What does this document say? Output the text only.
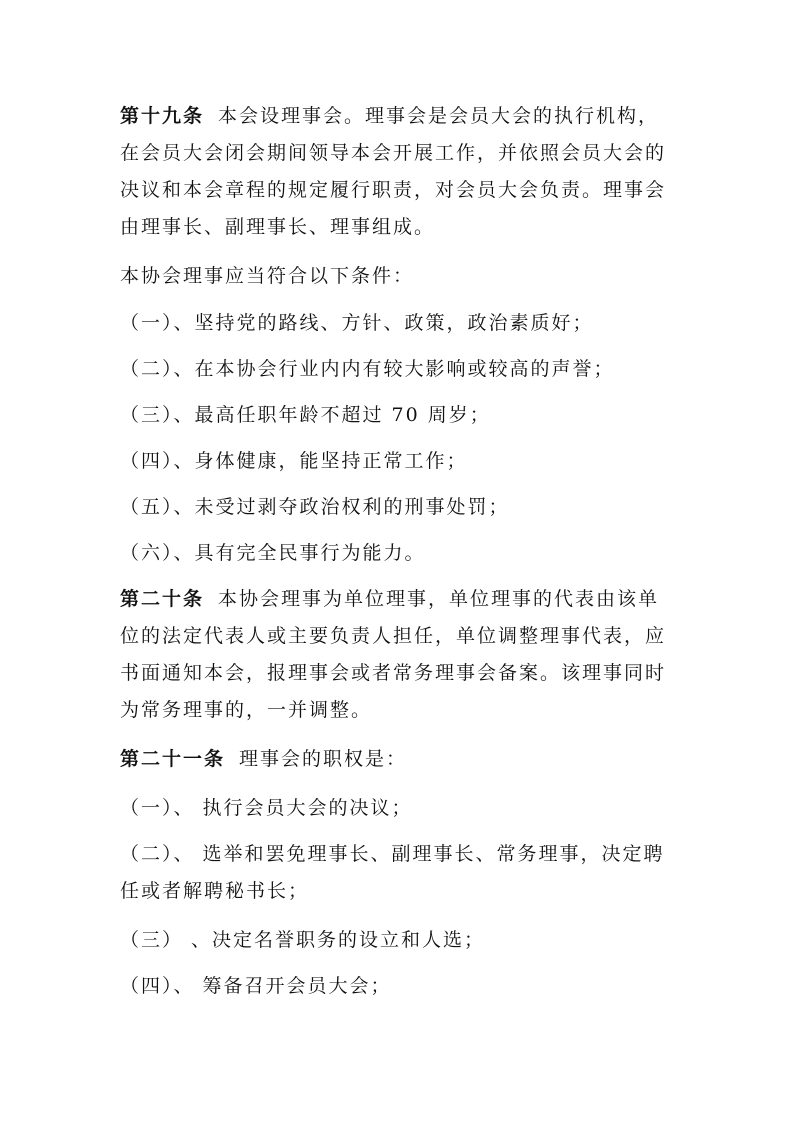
第十九条 本会设理事会。理事会是会员大会的执行机构，在会员大会闭会期间领导本会开展工作，并依照会员大会的决议和本会章程的规定履行职责，对会员大会负责。理事会由理事长、副理事长、理事组成。

本协会理事应当符合以下条件：

（一）、坚持党的路线、方针、政策，政治素质好；

（二）、在本协会行业内内有较大影响或较高的声誉；

（三）、最高任职年龄不超过 70 周岁；

（四）、身体健康，能坚持正常工作；

（五）、未受过剥夺政治权利的刑事处罚；

（六）、具有完全民事行为能力。

第二十条 本协会理事为单位理事，单位理事的代表由该单位的法定代表人或主要负责人担任，单位调整理事代表，应书面通知本会，报理事会或者常务理事会备案。该理事同时为常务理事的，一并调整。

第二十一条 理事会的职权是：

（一）、 执行会员大会的决议；

（二）、 选举和罢免理事长、副理事长、常务理事，决定聘任或者解聘秘书长；

（三） 、决定名誉职务的设立和人选；

（四）、 筹备召开会员大会；
